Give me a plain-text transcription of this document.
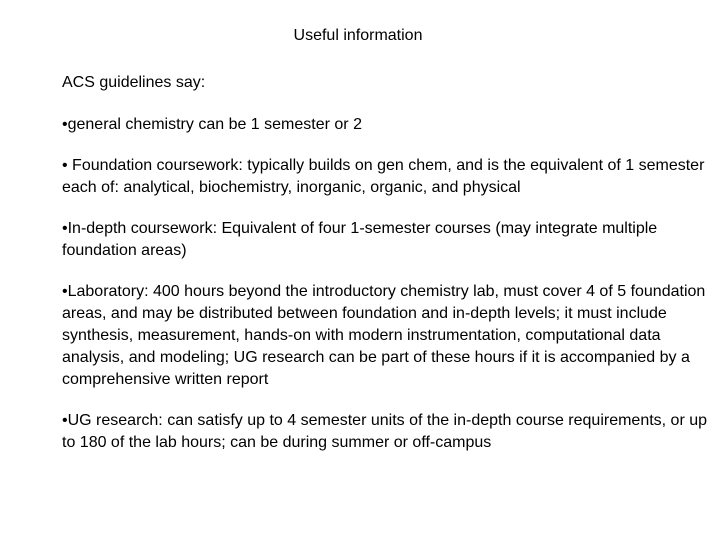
Useful information
ACS guidelines say:
•general chemistry can be 1 semester or 2
• Foundation coursework: typically builds on gen chem, and is the equivalent of 1 semester each of: analytical, biochemistry, inorganic, organic, and physical
•In-depth coursework: Equivalent of four 1-semester courses (may integrate multiple foundation areas)
•Laboratory: 400 hours beyond the introductory chemistry lab, must cover 4 of 5 foundation areas, and may be distributed between foundation and in-depth levels; it must include synthesis, measurement, hands-on with modern instrumentation, computational data analysis, and modeling; UG research can be part of these hours if it is accompanied by a comprehensive written report
•UG research: can satisfy up to 4 semester units of the in-depth course requirements, or up to 180 of the lab hours; can be during summer or off-campus
